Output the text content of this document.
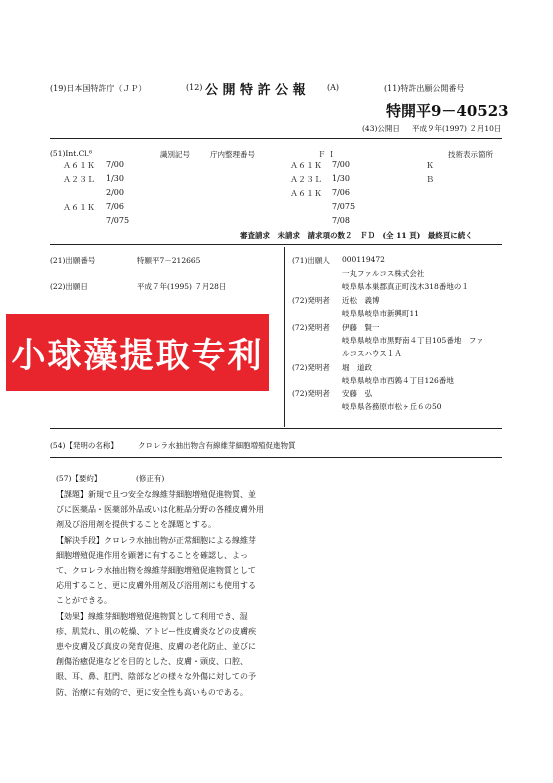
(19)日本国特許庁（ＪＰ）	(12) 公 開 特 許 公 報	(A)	(11)特許出願公開番号
特開平9－40523
(43)公開日 平成９年(1997) ２月10日
(51)Int.Cl.⁶	識別記号	庁内整理番号	Ｆ Ｉ	技術表示箇所
Ａ６１Ｋ 7/00
Ａ２３Ｌ 1/30
2/00
Ａ６１Ｋ 7/06
7/075
Ａ６１Ｋ 7/00	Ｋ
Ａ２３Ｌ 1/30	Ｂ
Ａ６１Ｋ 7/06
7/075
7/08
審査請求　未請求　請求項の数２　ＦＤ　(全 11 頁)　最終頁に続く
(21)出願番号	特願平7－212665
(22)出願日	平成７年(1995) ７月28日
小球藻提取专利
(71)出願人 000119472
一丸ファルコス株式会社
岐阜県本巣郡真正町浅木318番地の１
(72)発明者 近松　義博
岐阜県岐阜市新興町11
(72)発明者 伊藤　賢一
岐阜県岐阜市黒野南４丁目105番地　ファ
ルコスハウス１Ａ
(72)発明者 堀　道政
岐阜県岐阜市西鶉４丁目126番地
(72)発明者 安藤　弘
岐阜県各務原市松ヶ丘６の50
(54)【発明の名称】	クロレラ水抽出物含有線維芽細胞増殖促進物質
(57)【要約】	(修正有)

【課題】新規で且つ安全な線維芽細胞増殖促進物質、並

びに医薬品・医薬部外品或いは化粧品分野の各種皮膚外用

剤及び浴用剤を提供することを課題とする。

【解決手段】クロレラ水抽出物が正常細胞による線維芽

細胞増殖促進作用を顕著に有することを確認し、よっ

て、クロレラ水抽出物を線維芽細胞増殖促進物質として

応用すること、更に皮膚外用剤及び浴用剤にも使用する

ことができる。

【効果】線維芽細胞増殖促進物質として利用でき、湿

疹、肌荒れ、肌の乾燥、アトピー性皮膚炎などの皮膚疾

患や皮膚及び真皮の発育促進、皮膚の老化防止、並びに

創傷治癒促進などを目的とした、皮膚・頭皮、口腔、

眼、耳、鼻、肛門、陰部などの様々な外傷に対しての予

防、治療に有効的で、更に安全性も高いものである。
